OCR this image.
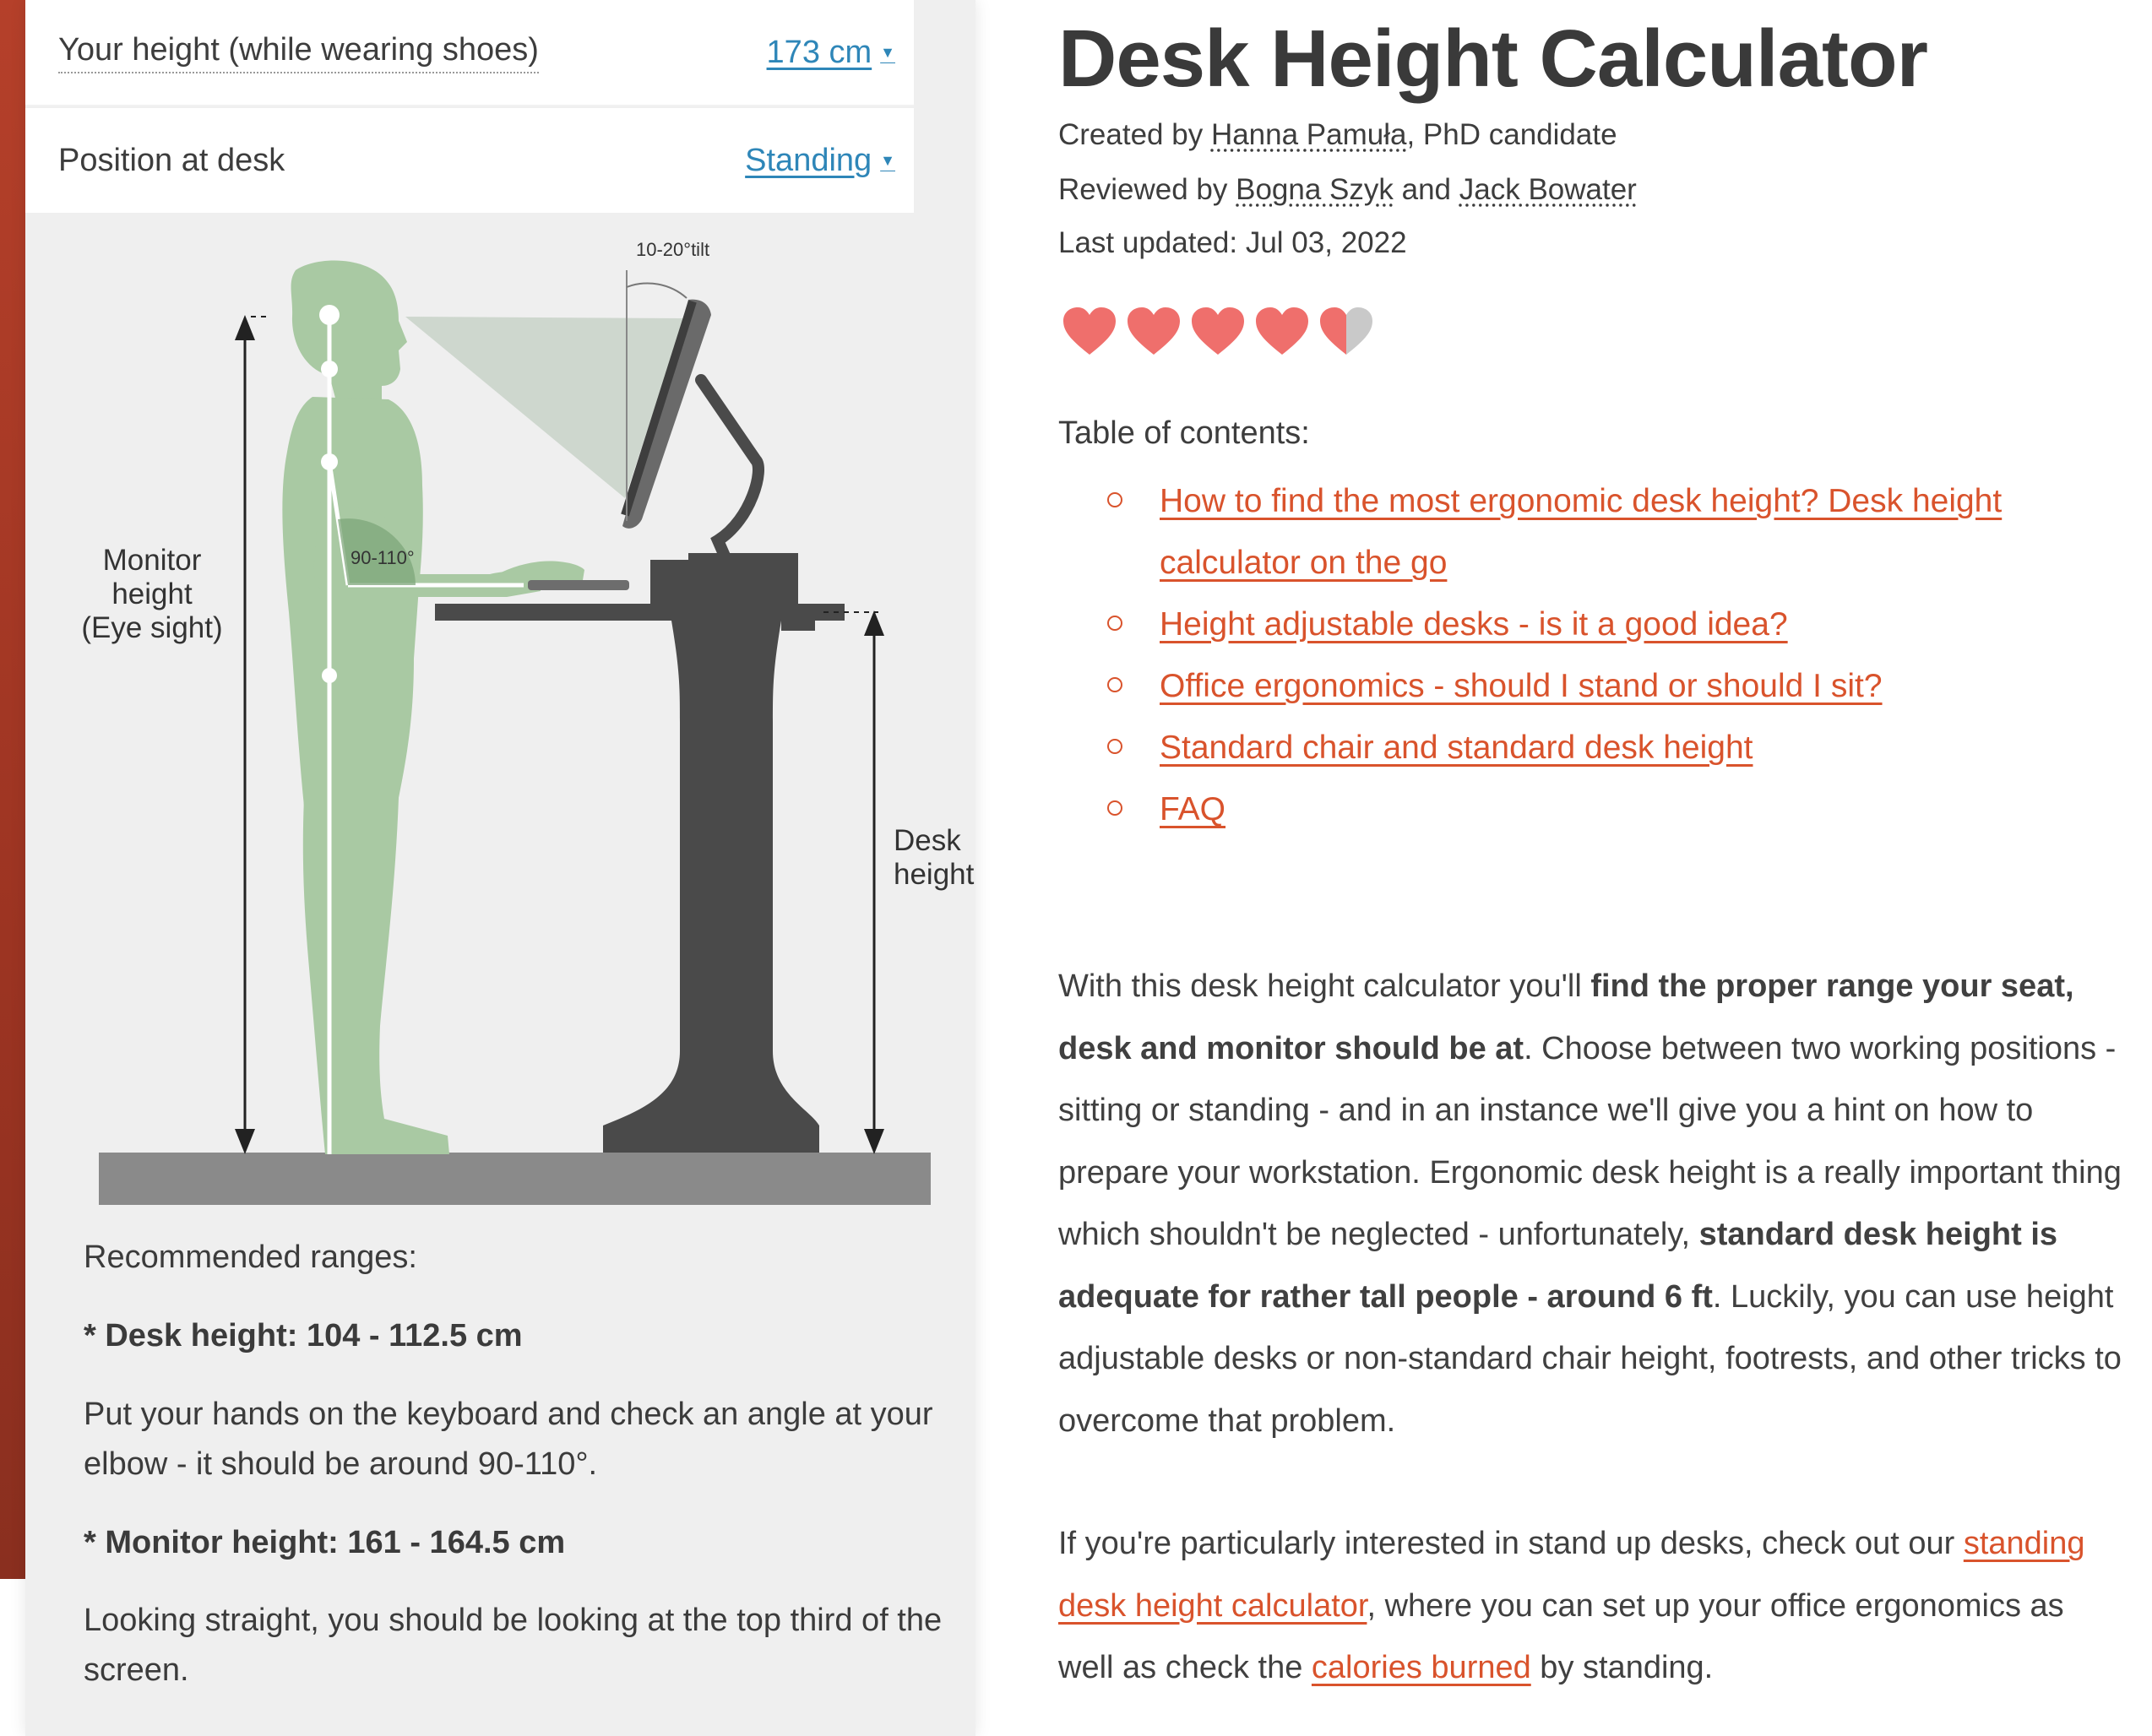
Your height (while wearing shoes)	173 cm ▼
Position at desk	Standing ▼
90-110°
10-20°tilt
Monitor
height
(Eye sight)
Desk
height

Recommended ranges:

* Desk height: 104 - 112.5 cm

Put your hands on the keyboard and check an angle at your elbow - it should be around 90-110°.

* Monitor height: 161 - 164.5 cm

Looking straight, you should be looking at the top third of the screen.

Desk Height Calculator
Created by Hanna Pamuła, PhD candidate
Reviewed by Bogna Szyk and Jack Bowater
Last updated: Jul 03, 2022
Table of contents:
How to find the most ergonomic desk height? Desk height calculator on the go
Height adjustable desks - is it a good idea?
Office ergonomics - should I stand or should I sit?
Standard chair and standard desk height
FAQ

With this desk height calculator you'll find the proper range your seat, desk and monitor should be at. Choose between two working positions - sitting or standing - and in an instance we'll give you a hint on how to prepare your workstation. Ergonomic desk height is a really important thing which shouldn't be neglected - unfortunately, standard desk height is adequate for rather tall people - around 6 ft. Luckily, you can use height adjustable desks or non-standard chair height, footrests, and other tricks to overcome that problem.

If you're particularly interested in stand up desks, check out our standing desk height calculator, where you can set up your office ergonomics as well as check the calories burned by standing.
